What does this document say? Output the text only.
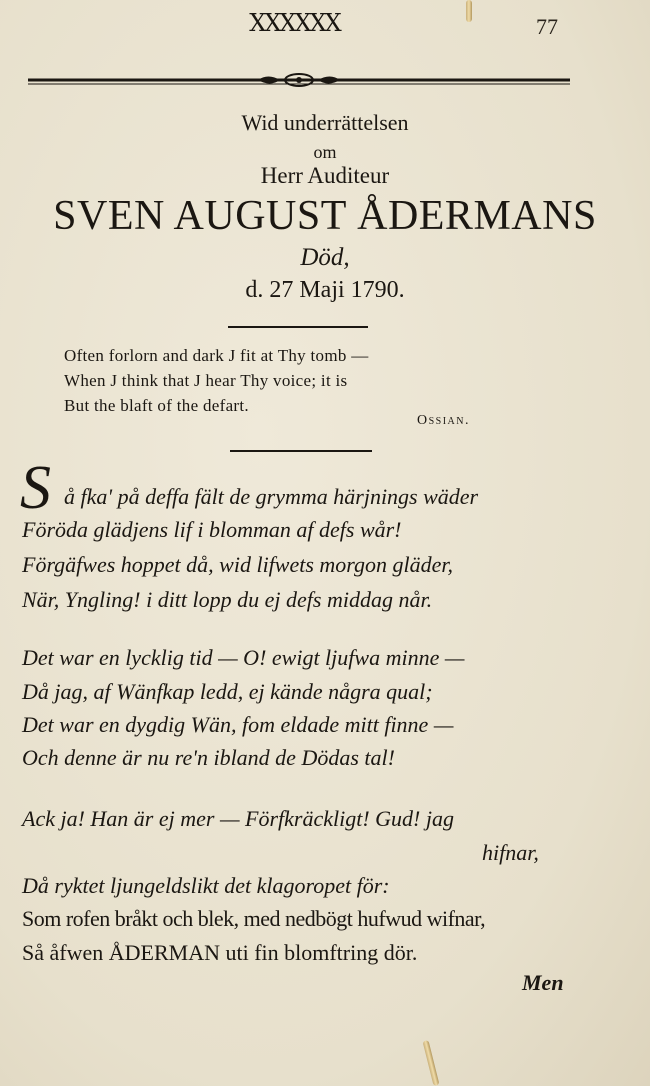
XXXXXX	77
Wid underrättelsen
om
Herr Auditeur
SVEN AUGUST ÅDERMANS
Död,
d. 27 Maji 1790.
Often forlorn and dark J fit at Thy tomb —
When J think that J hear Thy voice; it is
But the blaft of the defart.
Ossian.
S å fka' på deffa fält de grymma härjnings wäder
Föröda glädjens lif i blomman af defs wår!
Förgäfwes hoppet då, wid lifwets morgon gläder,
När, Yngling! i ditt lopp du ej defs middag når.
Det war en lycklig tid — O! ewigt ljufwa minne —
Då jag, af Wänfkap ledd, ej kände några qual;
Det war en dygdig Wän, fom eldade mitt finne —
Och denne är nu re'n ibland de Dödas tal!
Ack ja! Han är ej mer — Förfkräckligt! Gud! jag
hifnar,
Då ryktet ljungeldslikt det klagoropet för:
Som rofen bråkt och blek, med nedbögt hufwud wifnar,
Så åfwen ÅDERMAN uti fin blomftring dör.
Men
